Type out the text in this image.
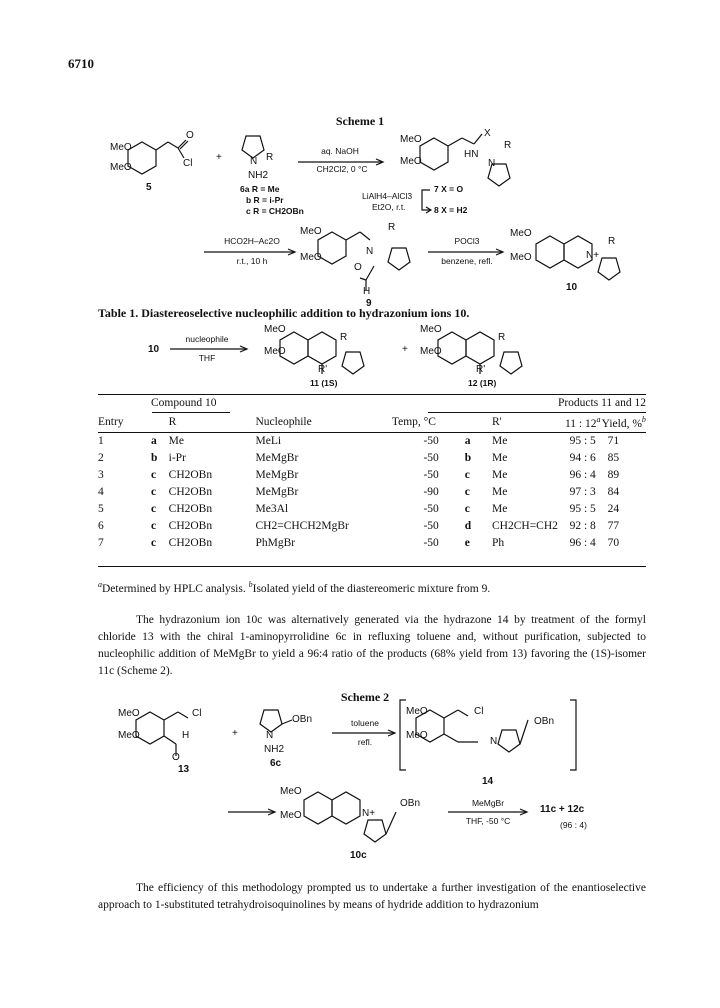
6710
Scheme 1
MeO
MeO
O
Cl
5
+	N R
NH2
6a R = Me
b R = i-Pr
c R = CH2OBn
aq. NaOH
CH2Cl2, 0 °C
MeO
MeO
X
HN
R
N
LiAlH4–AlCl3
Et2O, r.t.
7 X = O
8 X = H2
HCO2H–Ac2O
r.t., 10 h
MeO
MeO
R
N
O
H
9
POCl3
benzene, refl.
MeO
MeO
R
N+
10
Table 1. Diastereoselective nucleophilic addition to hydrazonium ions 10.
10
nucleophile
THF
MeO
MeO
R
R'
11 (1S)
+
MeO
MeO
R
R'
12 (1R)
	Compound 10				Products 11 and 12			
Entry		R	Nucleophile	Temp, °C		R'	11 : 12$^a$	Yield, %$^b$
1	a	Me	MeLi	-50	a	Me	95 : 5	71
2	b	i-Pr	MeMgBr	-50	b	Me	94 : 6	85
3	c	CH2OBn	MeMgBr	-50	c	Me	96 : 4	89
4	c	CH2OBn	MeMgBr	-90	c	Me	97 : 3	84
5	c	CH2OBn	Me3Al	-50	c	Me	95 : 5	24
6	c	CH2OBn	CH2=CHCH2MgBr	-50	d	CH2CH=CH2	92 : 8	77
7	c	CH2OBn	PhMgBr	-50	e	Ph	96 : 4	70
$^a$Determined by HPLC analysis. $^b$Isolated yield of the diastereomeric mixture from 9.

The hydrazonium ion 10c was alternatively generated via the hydrazone 14 by treatment of the formyl chloride 13 with the chiral 1-aminopyrrolidine 6c in refluxing toluene and, without purification, subjected to nucleophilic addition of MeMgBr to yield a 96:4 ratio of the products (68% yield from 13) favoring the (1S)-isomer 11c (Scheme 2).

Scheme 2
MeO
MeO
Cl
H
O
13
+	N
OBn
NH2
6c
toluene
refl.
MeO
MeO
Cl
N
OBn
14
MeO
MeO	N+
OBn
10c
MeMgBr
THF, -50 °C
11c + 12c
(96 : 4)

The efficiency of this methodology prompted us to undertake a further investigation of the enantioselective approach to 1-substituted tetrahydroisoquinolines by means of hydride addition to hydrazonium
